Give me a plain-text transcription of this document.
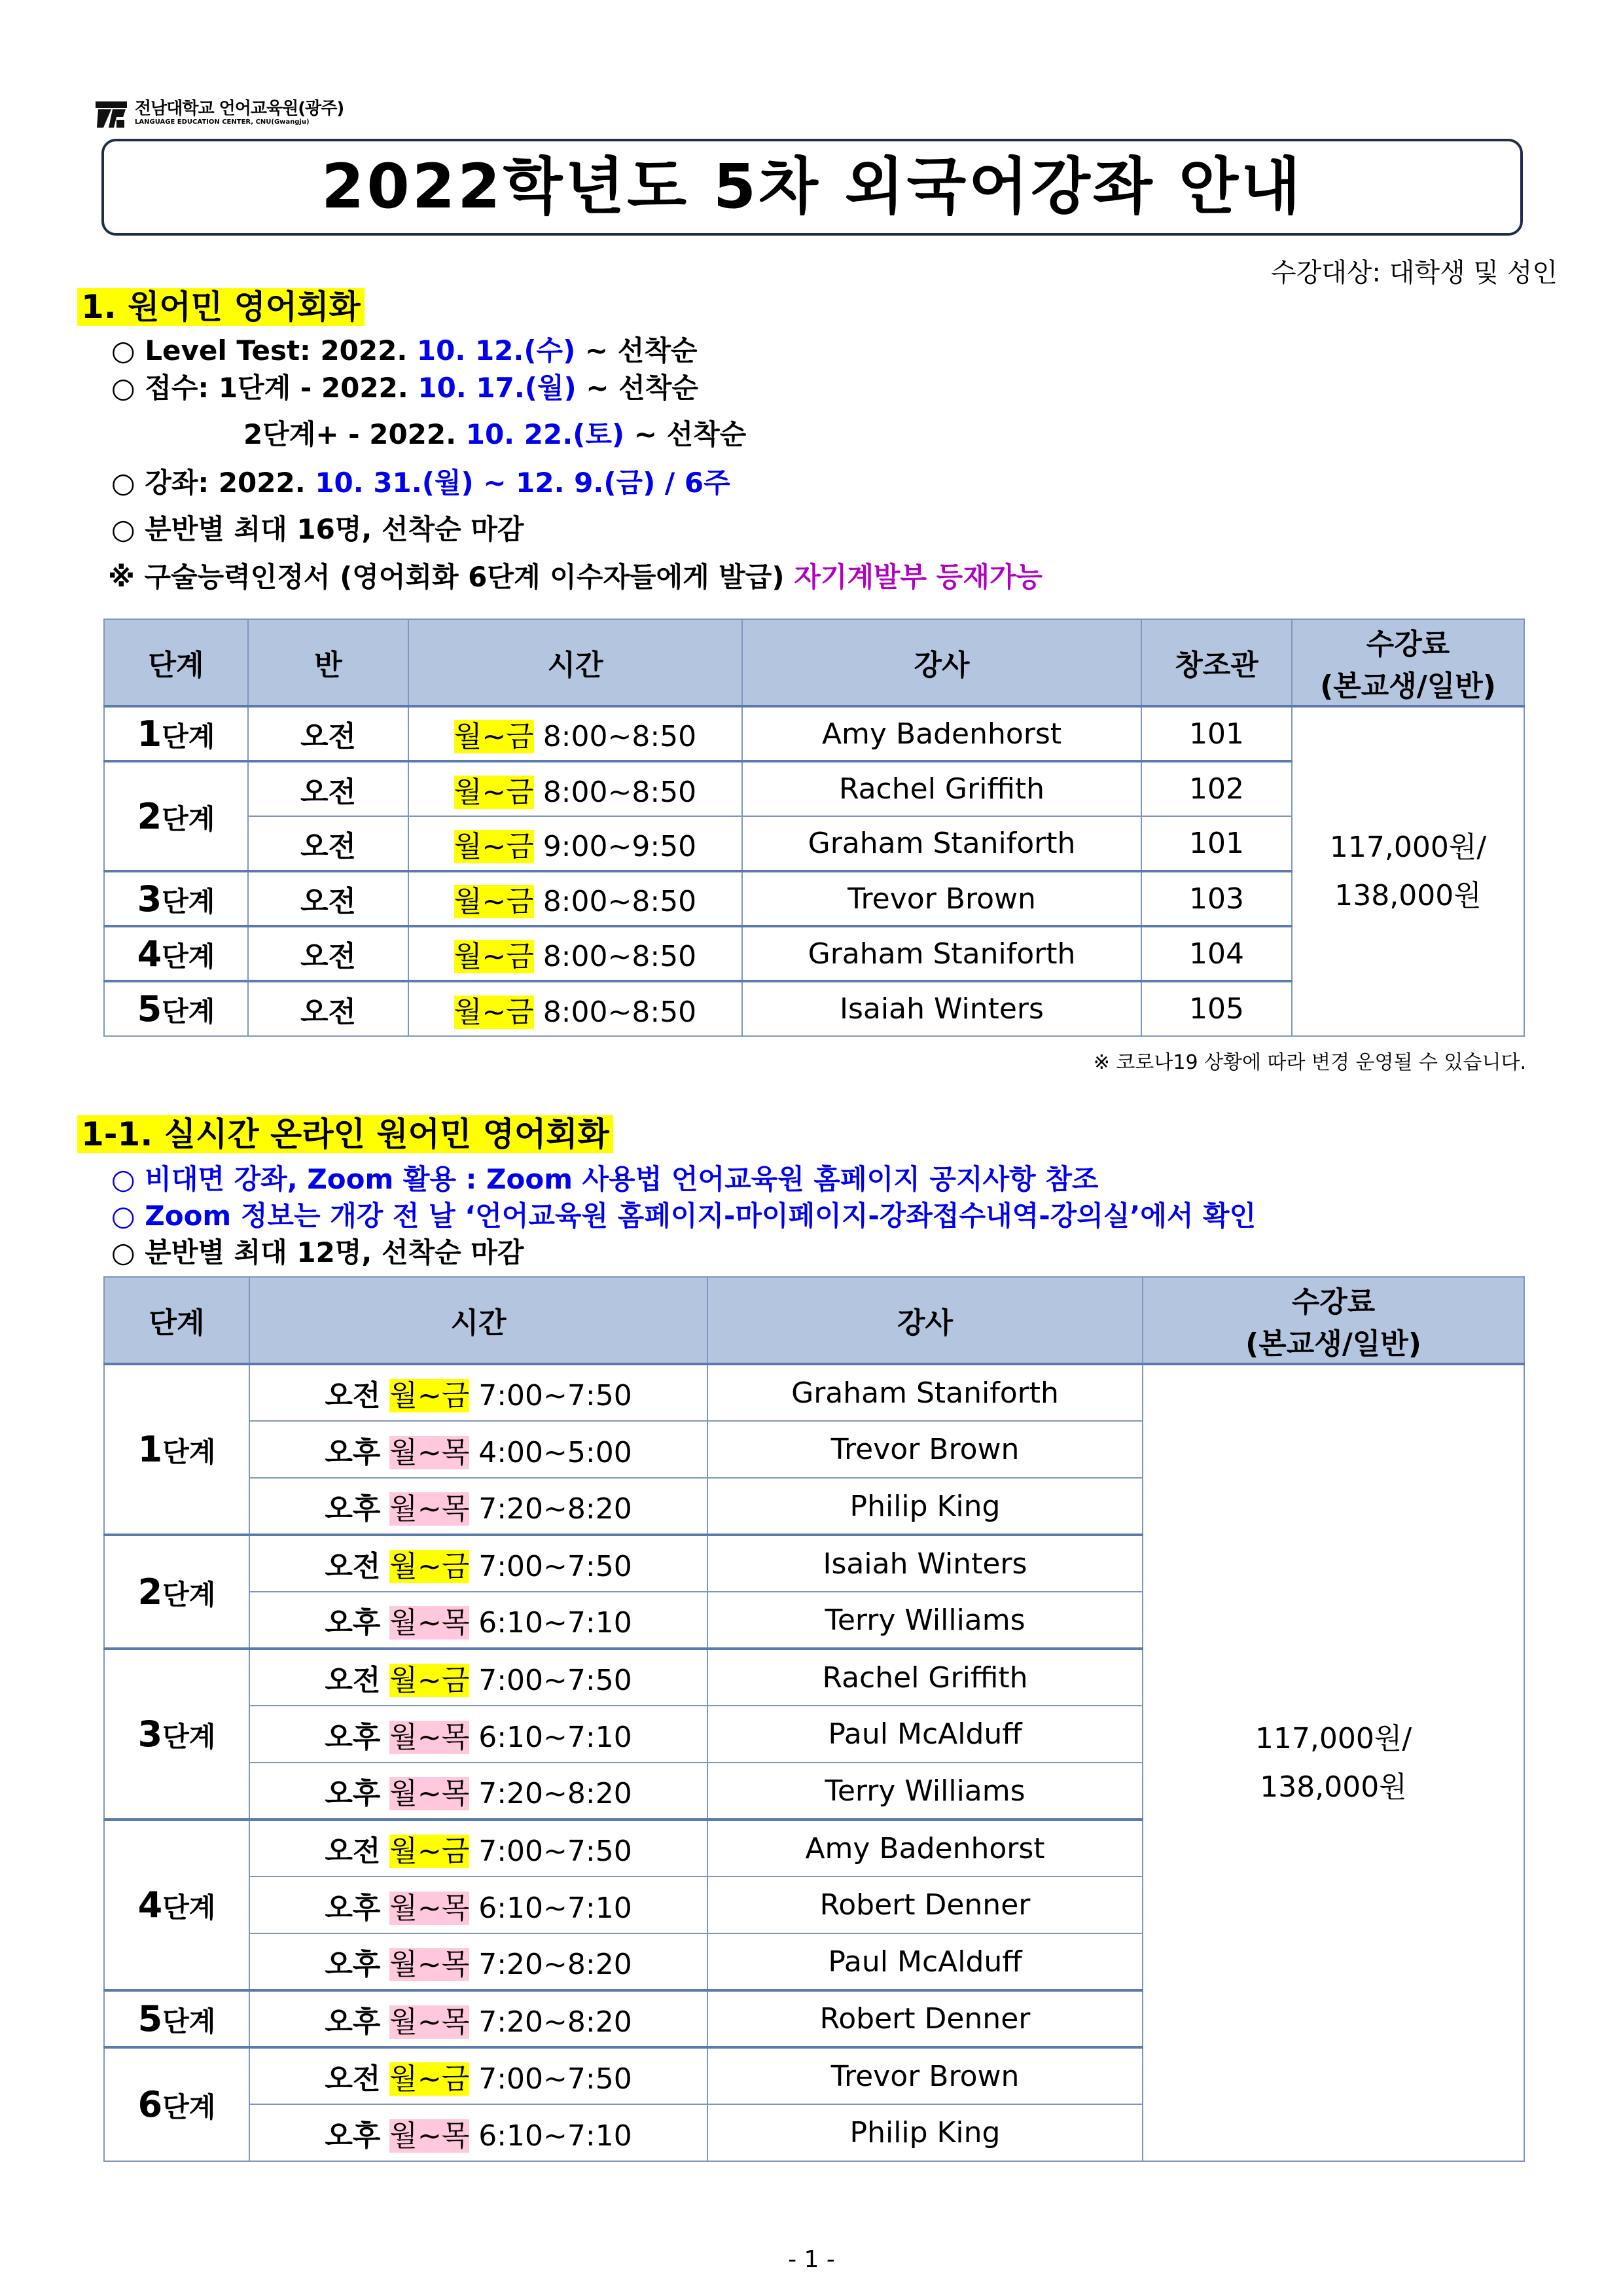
전남대학교 언어교육원(광주)
LANGUAGE EDUCATION CENTER, CNU(Gwangju)
2022학년도 5차 외국어강좌 안내
수강대상: 대학생 및 성인
1. 원어민 영어회화
○ Level Test: 2022. 10. 12.(수) ~ 선착순
○ 접수: 1단계 - 2022. 10. 17.(월) ~ 선착순
2단계+ - 2022. 10. 22.(토) ~ 선착순
○ 강좌: 2022. 10. 31.(월) ~ 12. 9.(금) / 6주
○ 분반별 최대 16명, 선착순 마감
※ 구술능력인정서 (영어회화 6단계 이수자들에게 발급) 자기계발부 등재가능
단계	반	시간	강사	창조관	수강료
(본교생/일반)

1단계	오전	월~금 8:00~8:50	Amy Badenhorst	101	117,000원/
138,000원

2단계	오전	월~금 8:00~8:50	Rachel Griffith	102	
	오전	월~금 9:00~9:50	Graham Staniforth	101	
3단계	오전	월~금 8:00~8:50	Trevor Brown	103	
4단계	오전	월~금 8:00~8:50	Graham Staniforth	104	
5단계	오전	월~금 8:00~8:50	Isaiah Winters	105	
※ 코로나19 상황에 따라 변경 운영될 수 있습니다.
1-1. 실시간 온라인 원어민 영어회화
○ 비대면 강좌, Zoom 활용 : Zoom 사용법 언어교육원 홈페이지 공지사항 참조
○ Zoom 정보는 개강 전 날 ‘언어교육원 홈페이지-마이페이지-강좌접수내역-강의실’에서 확인
○ 분반별 최대 12명, 선착순 마감
단계	시간	강사	수강료
(본교생/일반)

1단계	오전 월~금 7:00~7:50	Graham Staniforth	117,000원/
138,000원

	오후 월~목 4:00~5:00	Trevor Brown	
	오후 월~목 7:20~8:20	Philip King	
2단계	오전 월~금 7:00~7:50	Isaiah Winters	
	오후 월~목 6:10~7:10	Terry Williams	
3단계	오전 월~금 7:00~7:50	Rachel Griffith	
	오후 월~목 6:10~7:10	Paul McAlduff	
	오후 월~목 7:20~8:20	Terry Williams	
4단계	오전 월~금 7:00~7:50	Amy Badenhorst	
	오후 월~목 6:10~7:10	Robert Denner	
	오후 월~목 7:20~8:20	Paul McAlduff	
5단계	오후 월~목 7:20~8:20	Robert Denner	
6단계	오전 월~금 7:00~7:50	Trevor Brown	
	오후 월~목 6:10~7:10	Philip King	
- 1 -
